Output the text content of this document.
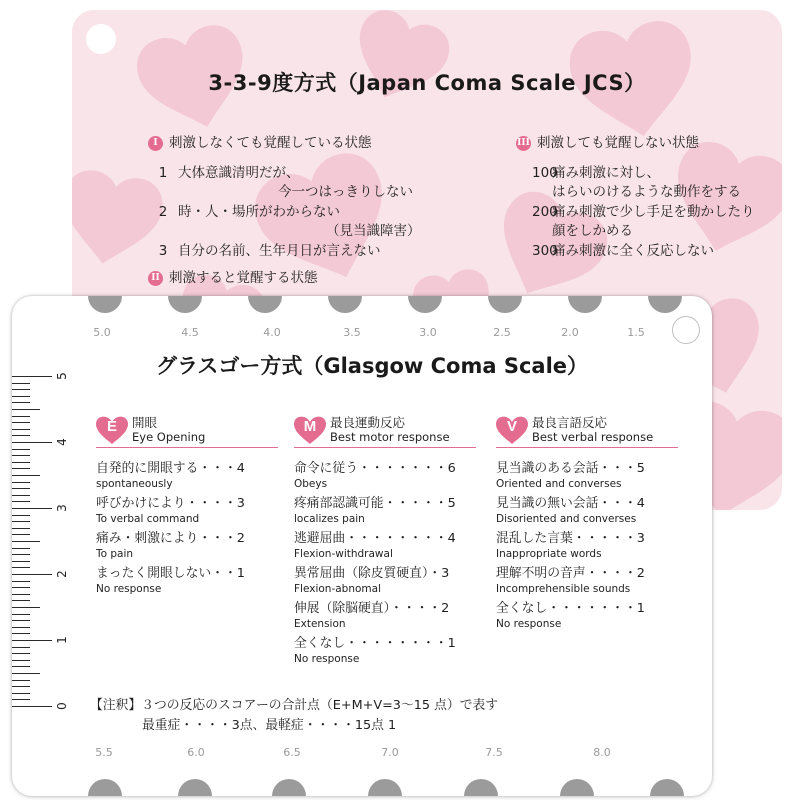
3-3-9度方式（Japan Coma Scale JCS）
I 刺激しなくても覚醒している状態
1 大体意識清明だが、
今一つはっきりしない
2 時・人・場所がわからない
（見当識障害）
3 自分の名前、生年月日が言えない
II 刺激すると覚醒する状態
III 刺激しても覚醒しない状態
100
痛み刺激に対し、
はらいのけるような動作をする
200
痛み刺激で少し手足を動かしたり
顔をしかめる
300
痛み刺激に全く反応しない
5.0	4.5	4.0	3.5	3.0	2.5	2.0	1.5
5.5	6.0	6.5	7.0	7.5	8.0
5
4
3
2
1
0
グラスゴー方式（Glasgow Coma Scale）
E	開眼
Eye Opening
自発的に開眼する・・・4
spontaneously
呼びかけにより・・・・3
To verbal command
痛み・刺激により・・・2
To pain
まったく開眼しない・・1
No response
M	最良運動反応
Best motor response
命令に従う・・・・・・・6
Obeys
疼痛部認識可能・・・・・5
localizes pain
逃避屈曲・・・・・・・・4
Flexion-withdrawal
異常屈曲（除皮質硬直）・3
Flexion-abnomal
伸展（除脳硬直）・・・・2
Extension
全くなし・・・・・・・・1
No response
V	最良言語反応
Best verbal response
見当識のある会話・・・5
Oriented and converses
見当識の無い会話・・・4
Disoriented and converses
混乱した言葉・・・・・3
Inappropriate words
理解不明の音声・・・・2
Incomprehensible sounds
全くなし・・・・・・・1
No response
【注釈】３つの反応のスコアーの合計点（E+M+V=3〜15 点）で表す
最重症・・・・3点、最軽症・・・・15点 1
